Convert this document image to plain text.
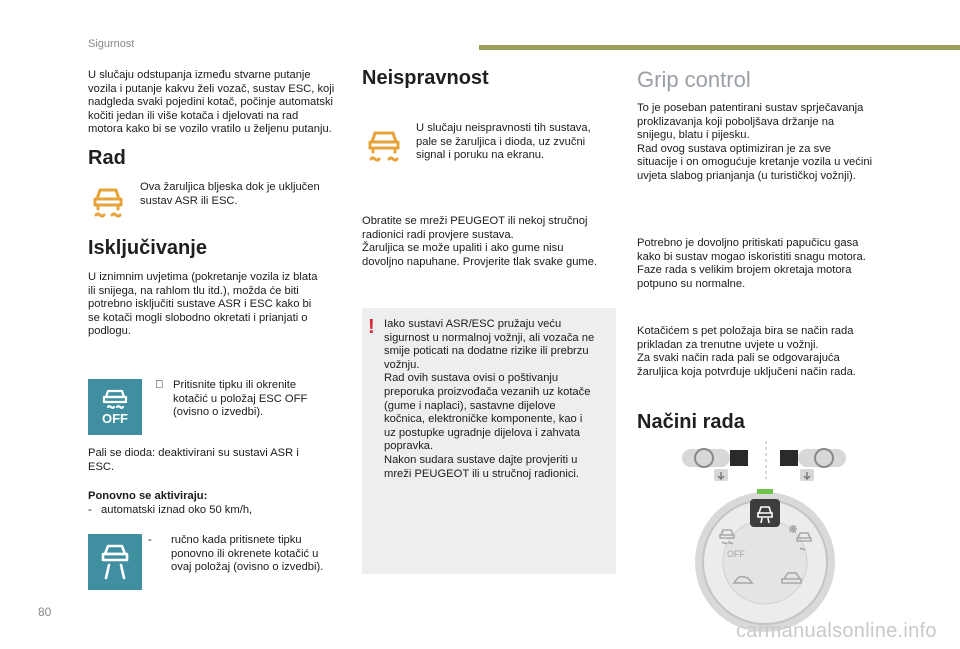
Sigurnost
U slučaju odstupanja između stvarne putanje
vozila i putanje kakvu želi vozač, sustav ESC, koji
nadgleda svaki pojedini kotač, počinje automatski
kočiti jedan ili više kotača i djelovati na rad
motora kako bi se vozilo vratilo u željenu putanju.
Rad
Ova žaruljica bljeska dok je uključen
sustav ASR ili ESC.
Isključivanje
U iznimnim uvjetima (pokretanje vozila iz blata
ili snijega, na rahlom tlu itd.), možda će biti
potrebno isključiti sustave ASR i ESC kako bi
se kotači mogli slobodno okretati i prianjati o
podlogu.
OFF
Pritisnite tipku ili okrenite
kotačić u položaj ESC OFF
(ovisno o izvedbi).
Pali se dioda: deaktivirani su sustavi ASR i
ESC.
Ponovno se aktiviraju:
-   automatski iznad oko 50 km/h,
- ručno kada pritisnete tipku
ponovno ili okrenete kotačić u
ovaj položaj (ovisno o izvedbi).
Neispravnost
U slučaju neispravnosti tih sustava,
pale se žaruljica i dioda, uz zvučni
signal i poruku na ekranu.
Obratite se mreži PEUGEOT ili nekoj stručnoj
radionici radi provjere sustava.
Žaruljica se može upaliti i ako gume nisu
dovoljno napuhane. Provjerite tlak svake gume.
! Iako sustavi ASR/ESC pružaju veću
sigurnost u normalnoj vožnji, ali vozača ne
smije poticati na dodatne rizike ili prebrzu
vožnju.
Rad ovih sustava ovisi o poštivanju
preporuka proizvođača vezanih uz kotače
(gume i naplaci), sastavne dijelove
kočnica, elektroničke komponente, kao i
uz postupke ugradnje dijelova i zahvata
popravka.
Nakon sudara sustave dajte provjeriti u
mreži PEUGEOT ili u stručnoj radionici.
Grip control
To je poseban patentirani sustav sprječavanja
proklizavanja koji poboljšava držanje na
snijegu, blatu i pijesku.
Rad ovog sustava optimiziran je za sve
situacije i on omogućuje kretanje vozila u većini
uvjeta slabog prianjanja (u turističkoj vožnji).
Potrebno je dovoljno pritiskati papučicu gasa
kako bi sustav mogao iskoristiti snagu motora.
Faze rada s velikim brojem okretaja motora
potpuno su normalne.
Kotačićem s pet položaja bira se način rada
prikladan za trenutne uvjete u vožnji.
Za svaki način rada pali se odgovarajuća
žaruljica koja potvrđuje uključeni način rada.
Načini rada
OFF
80
carmanualsonline.info
